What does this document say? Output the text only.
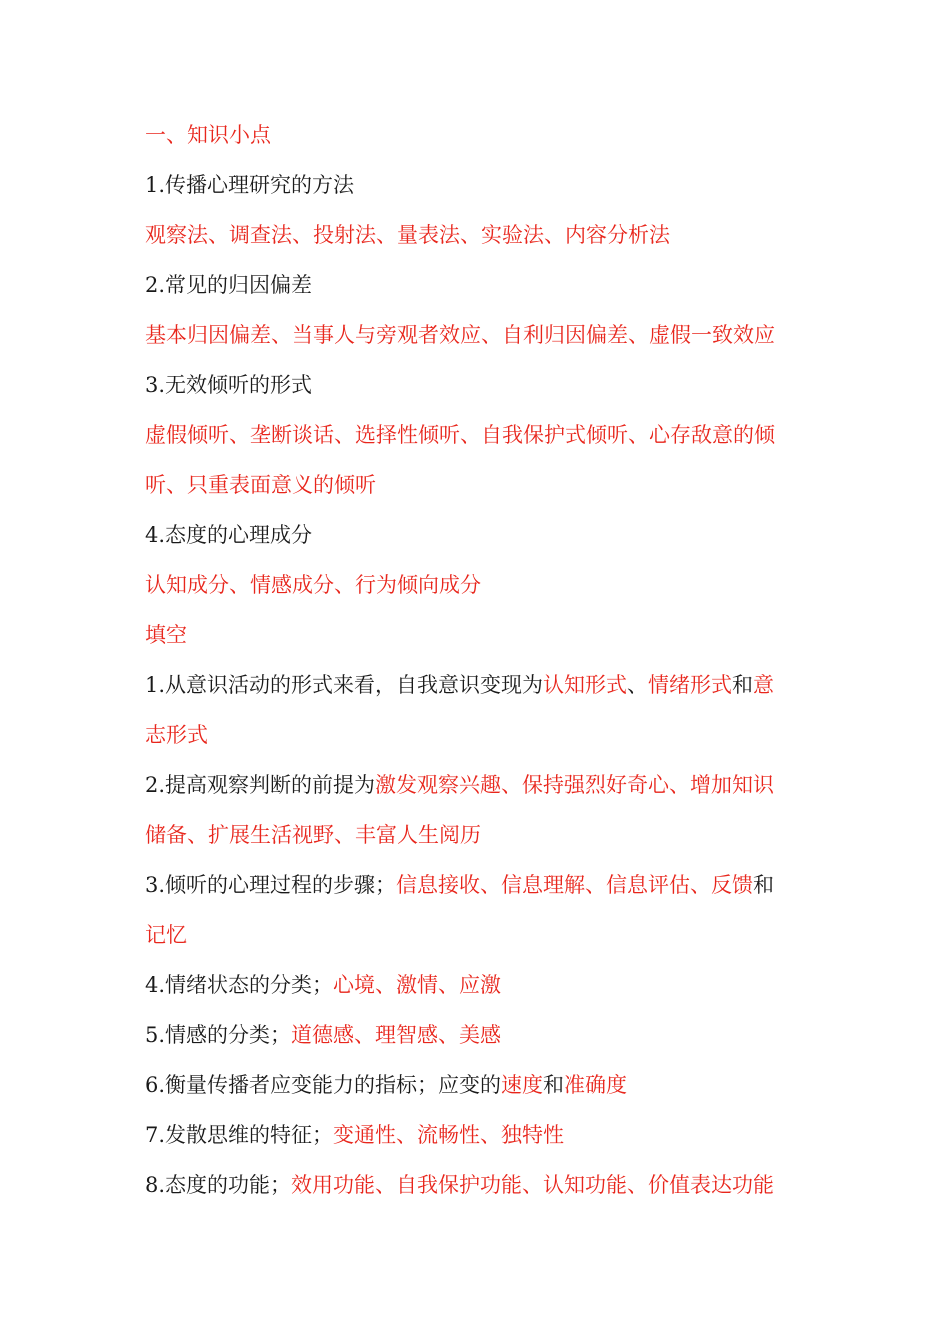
一、知识小点

1.传播心理研究的方法

观察法、调查法、投射法、量表法、实验法、内容分析法

2.常见的归因偏差

基本归因偏差、当事人与旁观者效应、自利归因偏差、虚假一致效应

3.无效倾听的形式

虚假倾听、垄断谈话、选择性倾听、自我保护式倾听、心存敌意的倾

听、只重表面意义的倾听

4.态度的心理成分

认知成分、情感成分、行为倾向成分

填空

1.从意识活动的形式来看，自我意识变现为认知形式、情绪形式和意

志形式

2.提高观察判断的前提为激发观察兴趣、保持强烈好奇心、增加知识

储备、扩展生活视野、丰富人生阅历

3.倾听的心理过程的步骤；信息接收、信息理解、信息评估、反馈和

记忆

4.情绪状态的分类；心境、激情、应激

5.情感的分类；道德感、理智感、美感

6.衡量传播者应变能力的指标；应变的速度和准确度

7.发散思维的特征；变通性、流畅性、独特性

8.态度的功能；效用功能、自我保护功能、认知功能、价值表达功能
